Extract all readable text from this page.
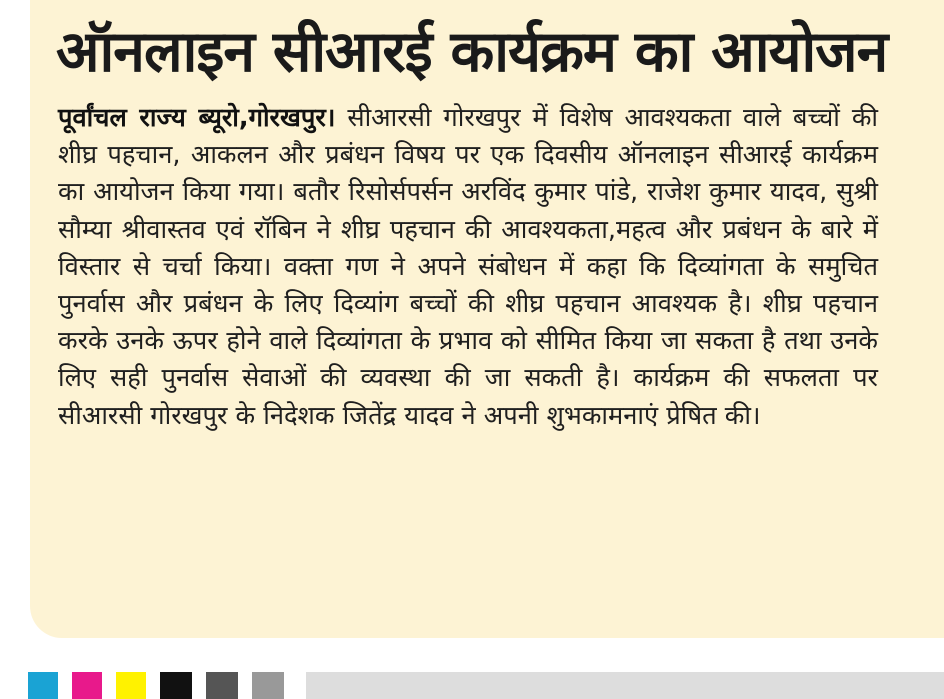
ऑनलाइन सीआरई कार्यक्रम का आयोजन

पूर्वांचल राज्य ब्यूरो,गोरखपुर। सीआरसी गोरखपुर में विशेष आवश्यकता वाले बच्चों की शीघ्र पहचान, आकलन और प्रबंधन विषय पर एक दिवसीय ऑनलाइन सीआरई कार्यक्रम का आयोजन किया गया। बतौर रिसोर्सपर्सन अरविंद कुमार पांडे, राजेश कुमार यादव, सुश्री सौम्या श्रीवास्तव एवं रॉबिन ने शीघ्र पहचान की आवश्यकता,महत्व और प्रबंधन के बारे में विस्तार से चर्चा किया। वक्ता गण ने अपने संबोधन में कहा कि दिव्यांगता के समुचित पुनर्वास और प्रबंधन के लिए दिव्यांग बच्चों की शीघ्र पहचान आवश्यक है। शीघ्र पहचान करके उनके ऊपर होने वाले दिव्यांगता के प्रभाव को सीमित किया जा सकता है तथा उनके लिए सही पुनर्वास सेवाओं की व्यवस्था की जा सकती है। कार्यक्रम की सफलता पर सीआरसी गोरखपुर के निदेशक जितेंद्र यादव ने अपनी शुभकामनाएं प्रेषित की।
